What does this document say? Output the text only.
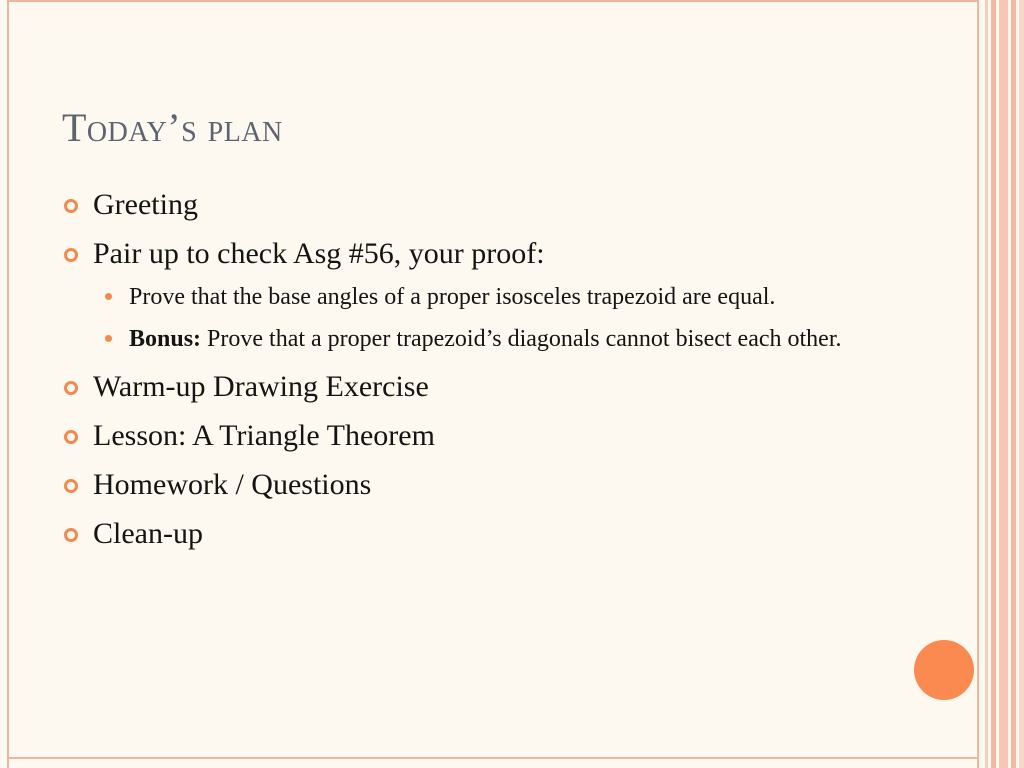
Today’s plan
Greeting
Pair up to check Asg #56, your proof:
Prove that the base angles of a proper isosceles trapezoid are equal.
Bonus: Prove that a proper trapezoid’s diagonals cannot bisect each other.
Warm-up Drawing Exercise
Lesson: A Triangle Theorem
Homework / Questions
Clean-up
